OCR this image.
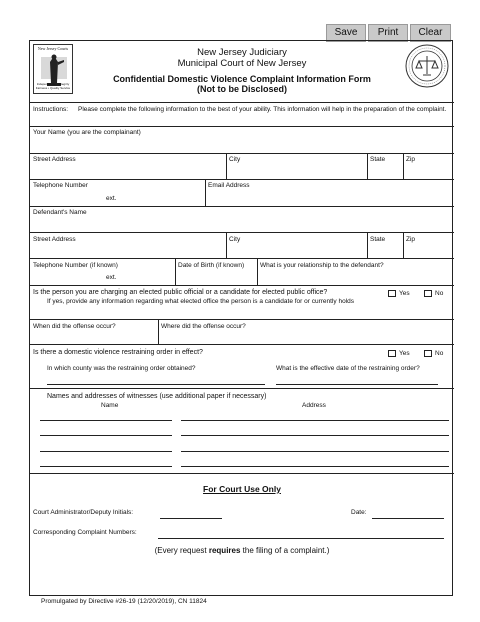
Save	Print	Clear
New Jersey Courts
Independence • Integrity Fairness • Quality Service
New Jersey Judiciary
Municipal Court of New Jersey
Confidential Domestic Violence Complaint Information Form
(Not to be Disclosed)
Instructions: Please complete the following information to the best of your ability. This information will help in the preparation of the complaint.
Your Name (you are the complainant)
Street Address	City	State	Zip
Telephone Number
ext.
Email Address
Defendant's Name
Street Address	City	State	Zip
Telephone Number (if known)
ext.
Date of Birth (if known) What is your relationship to the defendant?
Is the person you are charging an elected public official or a candidate for elected public office?	Yes	No
If yes, provide any information regarding what elected office the person is a candidate for or currently holds
When did the offense occur?	Where did the offense occur?
Is there a domestic violence restraining order in effect?	Yes	No
In which county was the restraining order obtained?	What is the effective date of the restraining order?
Names and addresses of witnesses (use additional paper if necessary)
Name	Address
For Court Use Only
Court Administrator/Deputy Initials:	Date:
Corresponding Complaint Numbers:
(Every request requires the filing of a complaint.)
Promulgated by Directive #26-19 (12/20/2019), CN 11824
